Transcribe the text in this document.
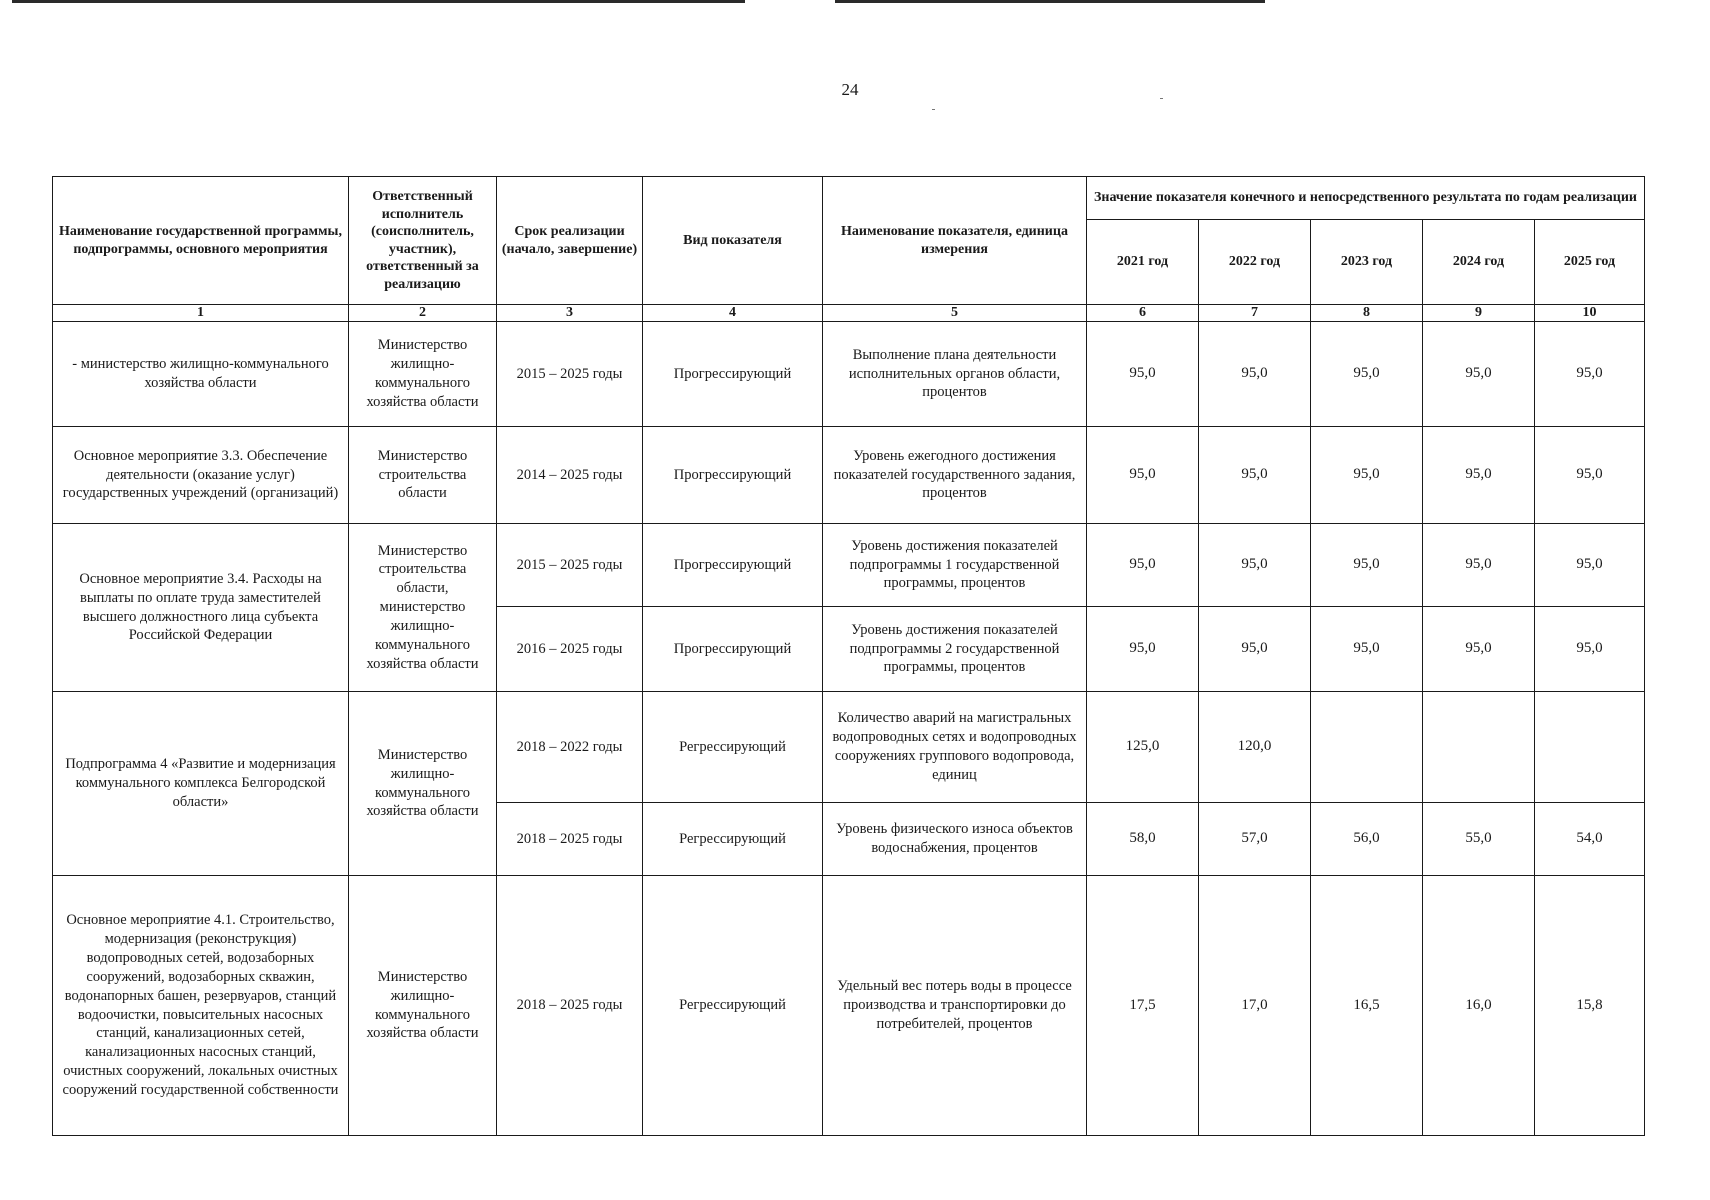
24
Наименование государственной программы, подпрограммы, основного мероприятия	Ответственный исполнитель (соисполнитель, участник), ответственный за реализацию	Срок реализации (начало, завершение)	Вид показателя	Наименование показателя, единица измерения	Значение показателя конечного и непосредственного результата по годам реализации				
					2021 год	2022 год	2023 год	2024 год	2025 год
1	2	3	4	5	6	7	8	9	10
- министерство жилищно-коммунального хозяйства области	Министерство жилищно-коммунального хозяйства области	2015 – 2025 годы	Прогрессирующий	Выполнение плана деятельности исполнительных органов области, процентов	95,0	95,0	95,0	95,0	95,0
Основное мероприятие 3.3. Обеспечение деятельности (оказание услуг) государственных учреждений (организаций)	Министерство строительства области	2014 – 2025 годы	Прогрессирующий	Уровень ежегодного достижения показателей государственного задания, процентов	95,0	95,0	95,0	95,0	95,0
Основное мероприятие 3.4. Расходы на выплаты по оплате труда заместителей высшего должностного лица субъекта Российской Федерации	Министерство строительства области, министерство жилищно-коммунального хозяйства области	2015 – 2025 годы	Прогрессирующий	Уровень достижения показателей подпрограммы 1 государственной программы, процентов	95,0	95,0	95,0	95,0	95,0
		2016 – 2025 годы	Прогрессирующий	Уровень достижения показателей подпрограммы 2 государственной программы, процентов	95,0	95,0	95,0	95,0	95,0
Подпрограмма 4 «Развитие и модернизация коммунального комплекса Белгородской области»	Министерство жилищно-коммунального хозяйства области	2018 – 2022 годы	Регрессирующий	Количество аварий на магистральных водопроводных сетях и водопроводных сооружениях группового водопровода, единиц	125,0	120,0			
		2018 – 2025 годы	Регрессирующий	Уровень физического износа объектов водоснабжения, процентов	58,0	57,0	56,0	55,0	54,0
Основное мероприятие 4.1. Строительство, модернизация (реконструкция) водопроводных сетей, водозаборных сооружений, водозаборных скважин, водонапорных башен, резервуаров, станций водоочистки, повысительных насосных станций, канализационных сетей, канализационных насосных станций, очистных сооружений, локальных очистных сооружений государственной собственности	Министерство жилищно-коммунального хозяйства области	2018 – 2025 годы	Регрессирующий	Удельный вес потерь воды в процессе производства и транспортировки до потребителей, процентов	17,5	17,0	16,5	16,0	15,8
